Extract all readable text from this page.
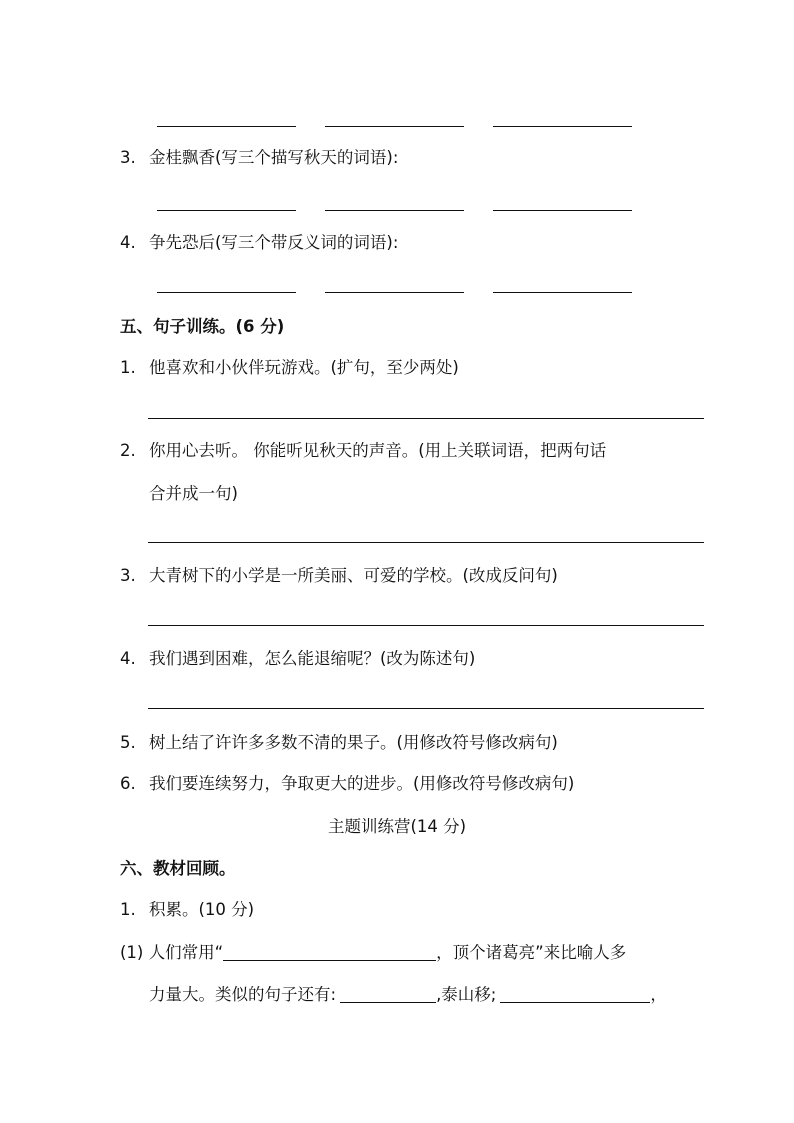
3. 金桂飘香(写三个描写秋天的词语):
4. 争先恐后(写三个带反义词的词语):
五、句子训练。(6 分)
1. 他喜欢和小伙伴玩游戏。(扩句，至少两处)
2. 你用心去听。 你能听见秋天的声音。(用上关联词语，把两句话
合并成一句)
3. 大青树下的小学是一所美丽、可爱的学校。(改成反问句)
4. 我们遇到困难，怎么能退缩呢？(改为陈述句)
5. 树上结了许许多多数不清的果子。(用修改符号修改病句)
6. 我们要连续努力，争取更大的进步。(用修改符号修改病句)
主题训练营(14 分)
六、教材回顾。
1. 积累。(10 分)
(1) 人们常用“	，顶个诸葛亮”来比喻人多
力量大。类似的句子还有:	,泰山移;	，
